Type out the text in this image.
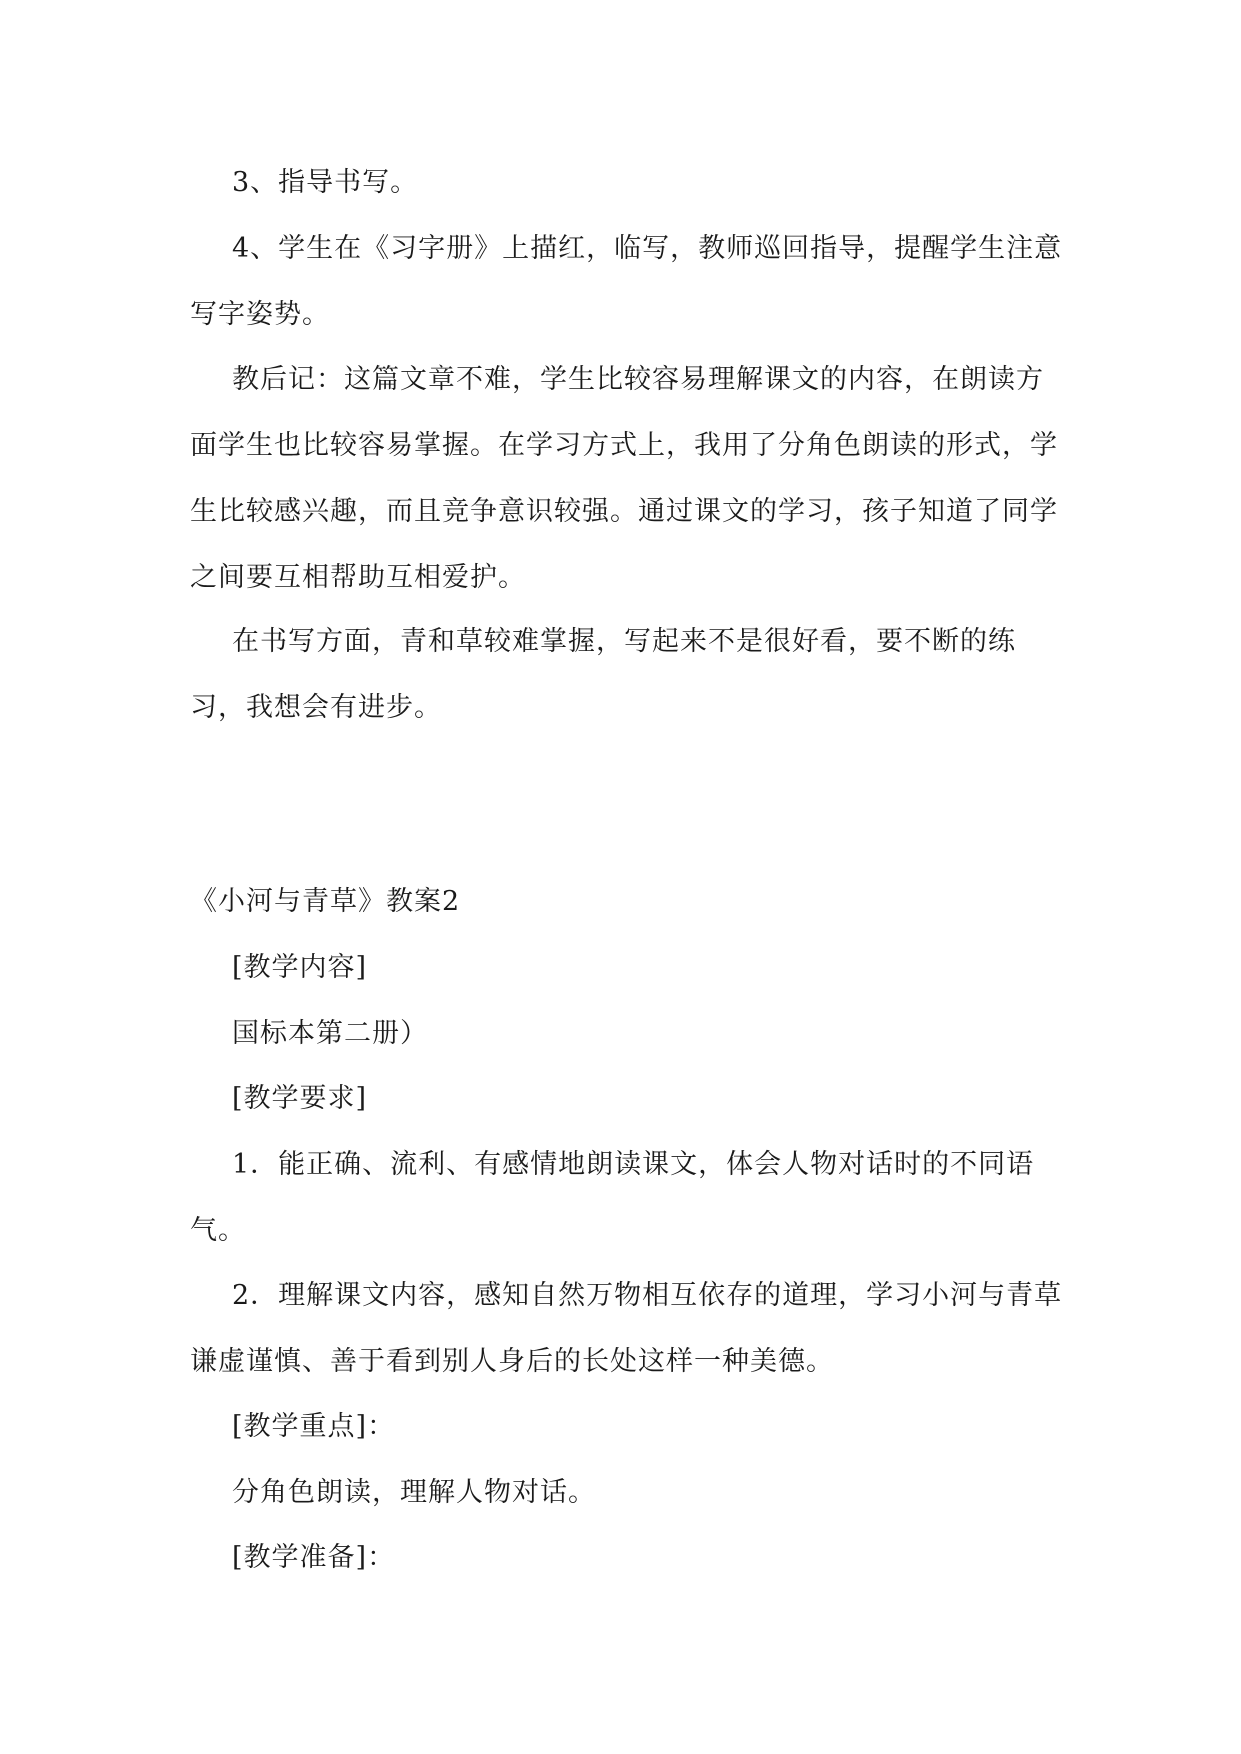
3、指导书写。

4、学生在《习字册》上描红，临写，教师巡回指导，提醒学生注意写字姿势。

教后记：这篇文章不难，学生比较容易理解课文的内容，在朗读方面学生也比较容易掌握。在学习方式上，我用了分角色朗读的形式，学生比较感兴趣，而且竞争意识较强。通过课文的学习，孩子知道了同学之间要互相帮助互相爱护。

在书写方面，青和草较难掌握，写起来不是很好看，要不断的练习，我想会有进步。

《小河与青草》教案2

[教学内容]

国标本第二册）

[教学要求]

1．能正确、流利、有感情地朗读课文，体会人物对话时的不同语气。

2．理解课文内容，感知自然万物相互依存的道理，学习小河与青草谦虚谨慎、善于看到别人身后的长处这样一种美德。

[教学重点]：

分角色朗读，理解人物对话。

[教学准备]：
